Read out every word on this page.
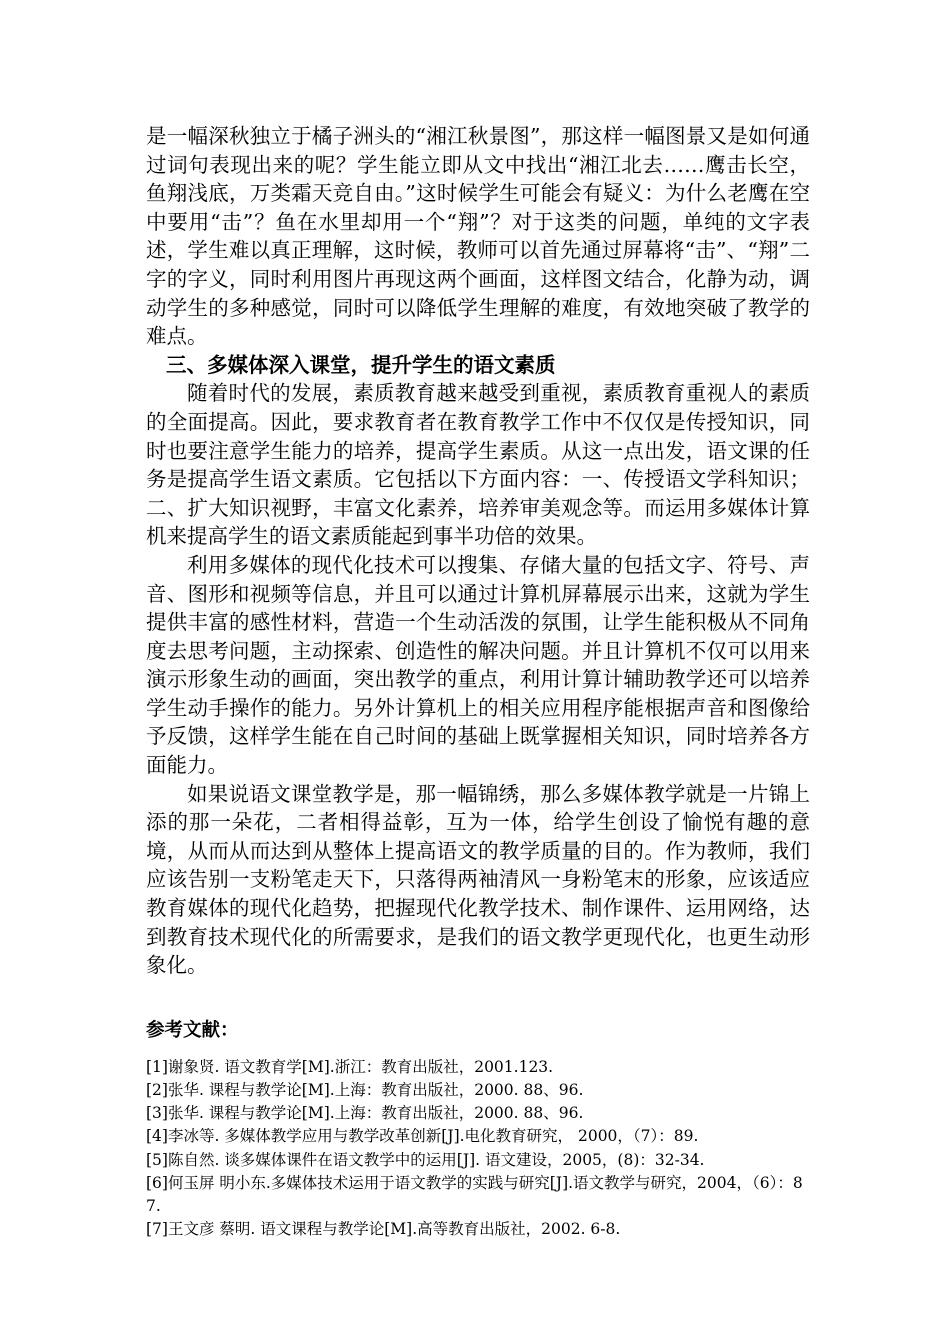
是一幅深秋独立于橘子洲头的“湘江秋景图”，那这样一幅图景又是如何通过词句表现出来的呢？学生能立即从文中找出“湘江北去……鹰击长空，鱼翔浅底，万类霜天竞自由。”这时候学生可能会有疑义：为什么老鹰在空中要用“击”？鱼在水里却用一个“翔”？对于这类的问题，单纯的文字表述，学生难以真正理解，这时候，教师可以首先通过屏幕将“击”、“翔”二字的字义，同时利用图片再现这两个画面，这样图文结合，化静为动，调动学生的多种感觉，同时可以降低学生理解的难度，有效地突破了教学的难点。

三、多媒体深入课堂，提升学生的语文素质

随着时代的发展，素质教育越来越受到重视，素质教育重视人的素质的全面提高。因此，要求教育者在教育教学工作中不仅仅是传授知识，同时也要注意学生能力的培养，提高学生素质。从这一点出发，语文课的任务是提高学生语文素质。它包括以下方面内容：一、传授语文学科知识；二、扩大知识视野，丰富文化素养，培养审美观念等。而运用多媒体计算机来提高学生的语文素质能起到事半功倍的效果。

利用多媒体的现代化技术可以搜集、存储大量的包括文字、符号、声音、图形和视频等信息，并且可以通过计算机屏幕展示出来，这就为学生提供丰富的感性材料，营造一个生动活泼的氛围，让学生能积极从不同角度去思考问题，主动探索、创造性的解决问题。并且计算机不仅可以用来演示形象生动的画面，突出教学的重点，利用计算计辅助教学还可以培养学生动手操作的能力。另外计算机上的相关应用程序能根据声音和图像给予反馈，这样学生能在自己时间的基础上既掌握相关知识，同时培养各方面能力。

如果说语文课堂教学是，那一幅锦绣，那么多媒体教学就是一片锦上添的那一朵花，二者相得益彰，互为一体，给学生创设了愉悦有趣的意境，从而从而达到从整体上提高语文的教学质量的目的。作为教师，我们应该告别一支粉笔走天下，只落得两袖清风一身粉笔末的形象，应该适应教育媒体的现代化趋势，把握现代化教学技术、制作课件、运用网络，达到教育技术现代化的所需要求，是我们的语文教学更现代化，也更生动形象化。

参考文献：
[1]谢象贤. 语文教育学[M].浙江：教育出版社，2001.123.
[2]张华. 课程与教学论[M].上海：教育出版社，2000. 88、96.
[3]张华. 课程与教学论[M].上海：教育出版社，2000. 88、96.
[4]李冰等. 多媒体教学应用与教学改革创新[J].电化教育研究， 2000，（7）：89.
[5]陈自然. 谈多媒体课件在语文教学中的运用[J]. 语文建设，2005，(8)：32-34.
[6]何玉屏 明小东.多媒体技术运用于语文教学的实践与研究[J].语文教学与研究，2004，（6）：87.
[7]王文彦 蔡明. 语文课程与教学论[M].高等教育出版社，2002. 6-8.
